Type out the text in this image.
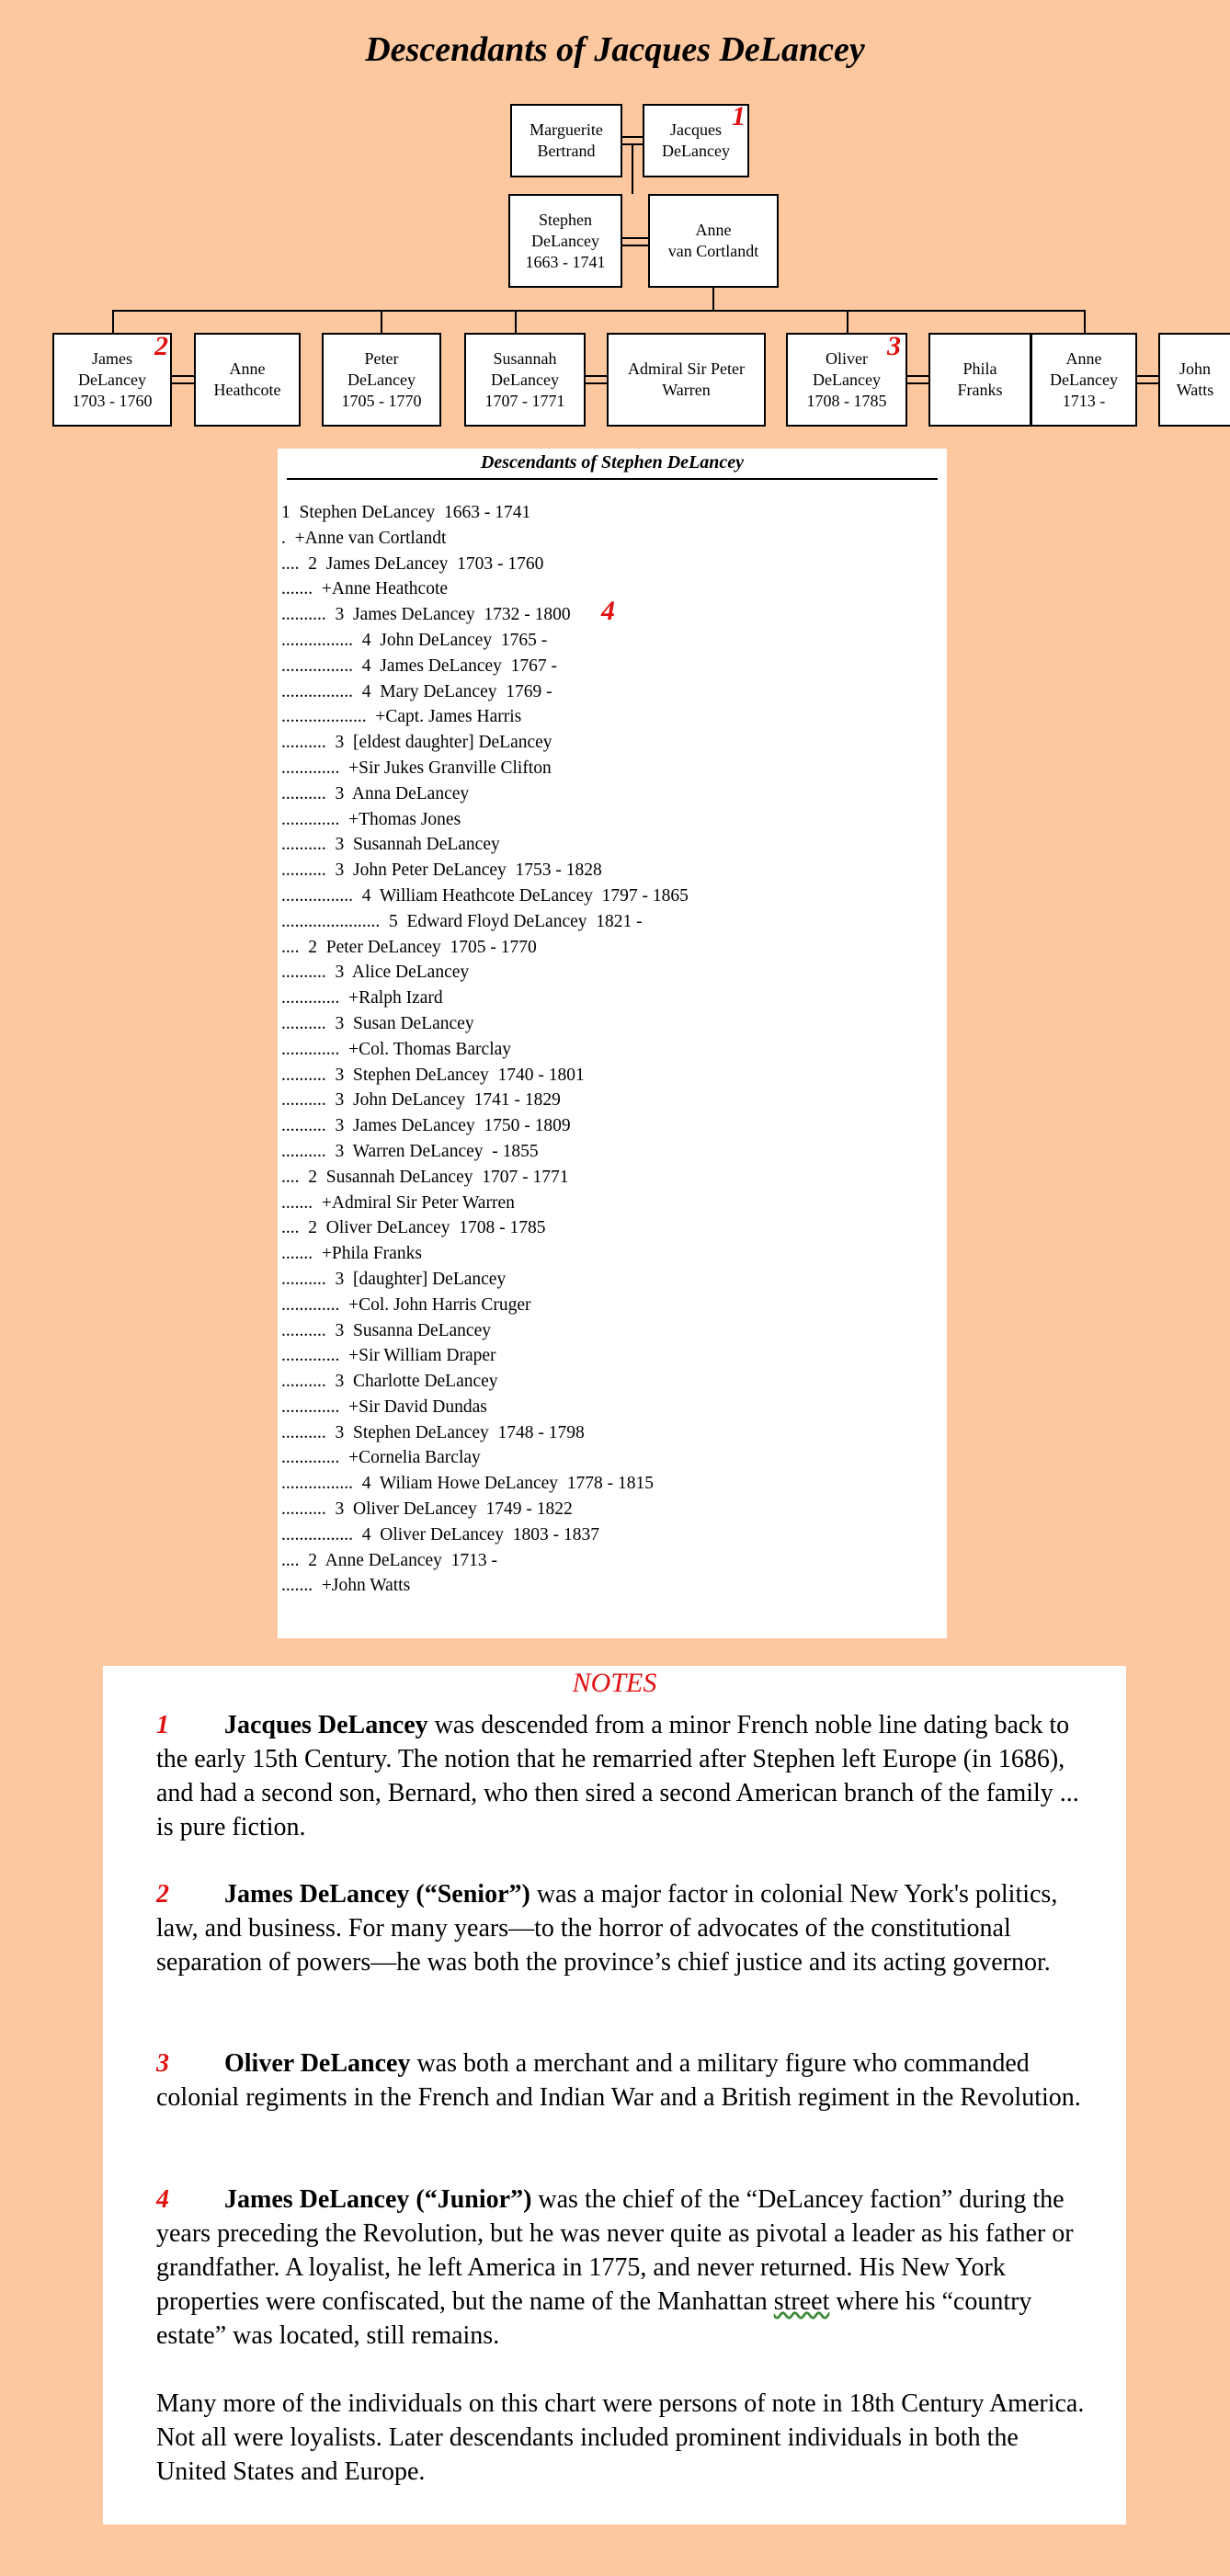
Descendants of Jacques DeLancey
Marguerite
Bertrand
Jacques
DeLancey
Stephen
DeLancey
1663 - 1741
Anne
van Cortlandt
James
DeLancey
1703 - 1760
Anne
Heathcote
Peter
DeLancey
1705 - 1770
Susannah
DeLancey
1707 - 1771
Admiral Sir Peter
Warren
Oliver
DeLancey
1708 - 1785
Phila
Franks
Anne
DeLancey
1713 -
John
Watts
1
2	3
Descendants of Stephen DeLancey
1  Stephen DeLancey  1663 - 1741
.  +Anne van Cortlandt
....  2  James DeLancey  1703 - 1760
.......  +Anne Heathcote
..........  3  James DeLancey  1732 - 1800
................  4  John DeLancey  1765 -
................  4  James DeLancey  1767 -
................  4  Mary DeLancey  1769 -
...................  +Capt. James Harris
..........  3  [eldest daughter] DeLancey
.............  +Sir Jukes Granville Clifton
..........  3  Anna DeLancey
.............  +Thomas Jones
..........  3  Susannah DeLancey
..........  3  John Peter DeLancey  1753 - 1828
................  4  William Heathcote DeLancey  1797 - 1865
......................  5  Edward Floyd DeLancey  1821 -
....  2  Peter DeLancey  1705 - 1770
..........  3  Alice DeLancey
.............  +Ralph Izard
..........  3  Susan DeLancey
.............  +Col. Thomas Barclay
..........  3  Stephen DeLancey  1740 - 1801
..........  3  John DeLancey  1741 - 1829
..........  3  James DeLancey  1750 - 1809
..........  3  Warren DeLancey  - 1855
....  2  Susannah DeLancey  1707 - 1771
.......  +Admiral Sir Peter Warren
....  2  Oliver DeLancey  1708 - 1785
.......  +Phila Franks
..........  3  [daughter] DeLancey
.............  +Col. John Harris Cruger
..........  3  Susanna DeLancey
.............  +Sir William Draper
..........  3  Charlotte DeLancey
.............  +Sir David Dundas
..........  3  Stephen DeLancey  1748 - 1798
.............  +Cornelia Barclay
................  4  Wiliam Howe DeLancey  1778 - 1815
..........  3  Oliver DeLancey  1749 - 1822
................  4  Oliver DeLancey  1803 - 1837
....  2  Anne DeLancey  1713 -
.......  +John Watts
4
NOTES
1 Jacques DeLancey was descended from a minor French noble line dating back to the early 15th Century. The notion that he remarried after Stephen left Europe (in 1686), and had a second son, Bernard, who then sired a second American branch of the family ... is pure fiction.
2 James DeLancey (“Senior”) was a major factor in colonial New York's politics, law, and business. For many years—to the horror of advocates of the constitutional separation of powers—he was both the province’s chief justice and its acting governor.
3 Oliver DeLancey was both a merchant and a military figure who commanded colonial regiments in the French and Indian War and a British regiment in the Revolution.
4 James DeLancey (“Junior”) was the chief of the “DeLancey faction” during the years preceding the Revolution, but he was never quite as pivotal a leader as his father or grandfather. A loyalist, he left America in 1775, and never returned. His New York properties were confiscated, but the name of the Manhattan street where his “country estate” was located, still remains.
Many more of the individuals on this chart were persons of note in 18th Century America. Not all were loyalists. Later descendants included prominent individuals in both the United States and Europe.
